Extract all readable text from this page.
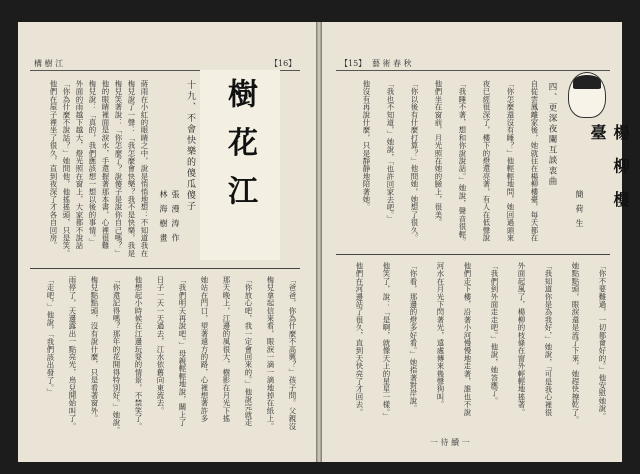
構 樹 江	【16】
蔣雨在小紅的眼睛之中，說是悄悄地想：不知道我在
梅兒說了一聲：「我怎麼會快樂？我不是快樂，我是
梅兒笑著說：「你怎麼了？說傻子是說你自己嗎？」
他的眼睛裡面是淚水，手還握著那本書，心裡很難
梅兒說：「真的，我們應該想一想以後的事情。」
外面的雨越下越大，燈光照在窗上，大家都不說話
「你為什麼不說話？」她問他，他搖搖頭，只是笑。
他們在屋子裡坐了很久，直到夜深了才各自回房。	樹 花 江
十九、不會快樂的傻瓜傻子
張 漫 涛 作
林 海 樹 畫
「爸爸，你為什麼不高興？」孩子問。父親沒
梅兒拿起信來看，眼淚一滴一滴地掉在紙上。
「你放心吧，我一定會回來的。」他說完就走
那天晚上，江邊的風很大，樹影在月光下搖
她站在門口，望著遠方的路，心裡想著許多
「我們明天再說吧。」母親輕輕地說，關上了
日子一天一天過去，江水依舊向東流去。
他想起小時候在江邊玩耍的情景，不禁笑了。
「你還記得嗎？那年的花開得特別好。」她說。
梅兒點點頭，沒有說什麼，只是看著窗外。
雨停了，天邊露出一點亮光，鳥兒開始叫了。
「走吧，」他說，「我們該出發了。」
【15】 藝 術 春 秋
楊 柳 樓 臺
簡 荷 生
四、更深夜闌互談衷曲
自從雲鳳離家後，她就住在楊柳樓臺，每天都在
「你怎麼還沒有睡？」他輕輕地問，她回過頭來
夜已經很深了，樓下的燈還亮著，有人在低聲說
「我睡不著，想和你說說話。」她說，聲音很輕。
他們坐在窗前，月光照在她的臉上，很美。
「你以後有什麼打算？」他問她，她想了很久。
「我也不知道，」她說，「也許回家去吧。」
他沒有再說什麼，只是靜靜地陪著她。
「你不要難過，一切都會好的。」他安慰她說。
她點點頭，眼淚還是流了下來，她趕快擦乾了。
「我知道你是為我好，」她說，「可是我心裡很
外面起風了，楊柳的枝條在窗外輕輕地搖著。
「我們到外面走走吧。」他說，她答應了。
他們走下樓，沿著小河慢慢地走著，誰也不說
河水在月光下閃著光，遠處傳來幾聲狗叫。
「你看，那邊的燈多好看。」她指著對岸說。
他笑了，說：「是啊，就像天上的星星一樣。」
他們在河邊站了很久，直到天快亮了才回去。
一 待 續 一
